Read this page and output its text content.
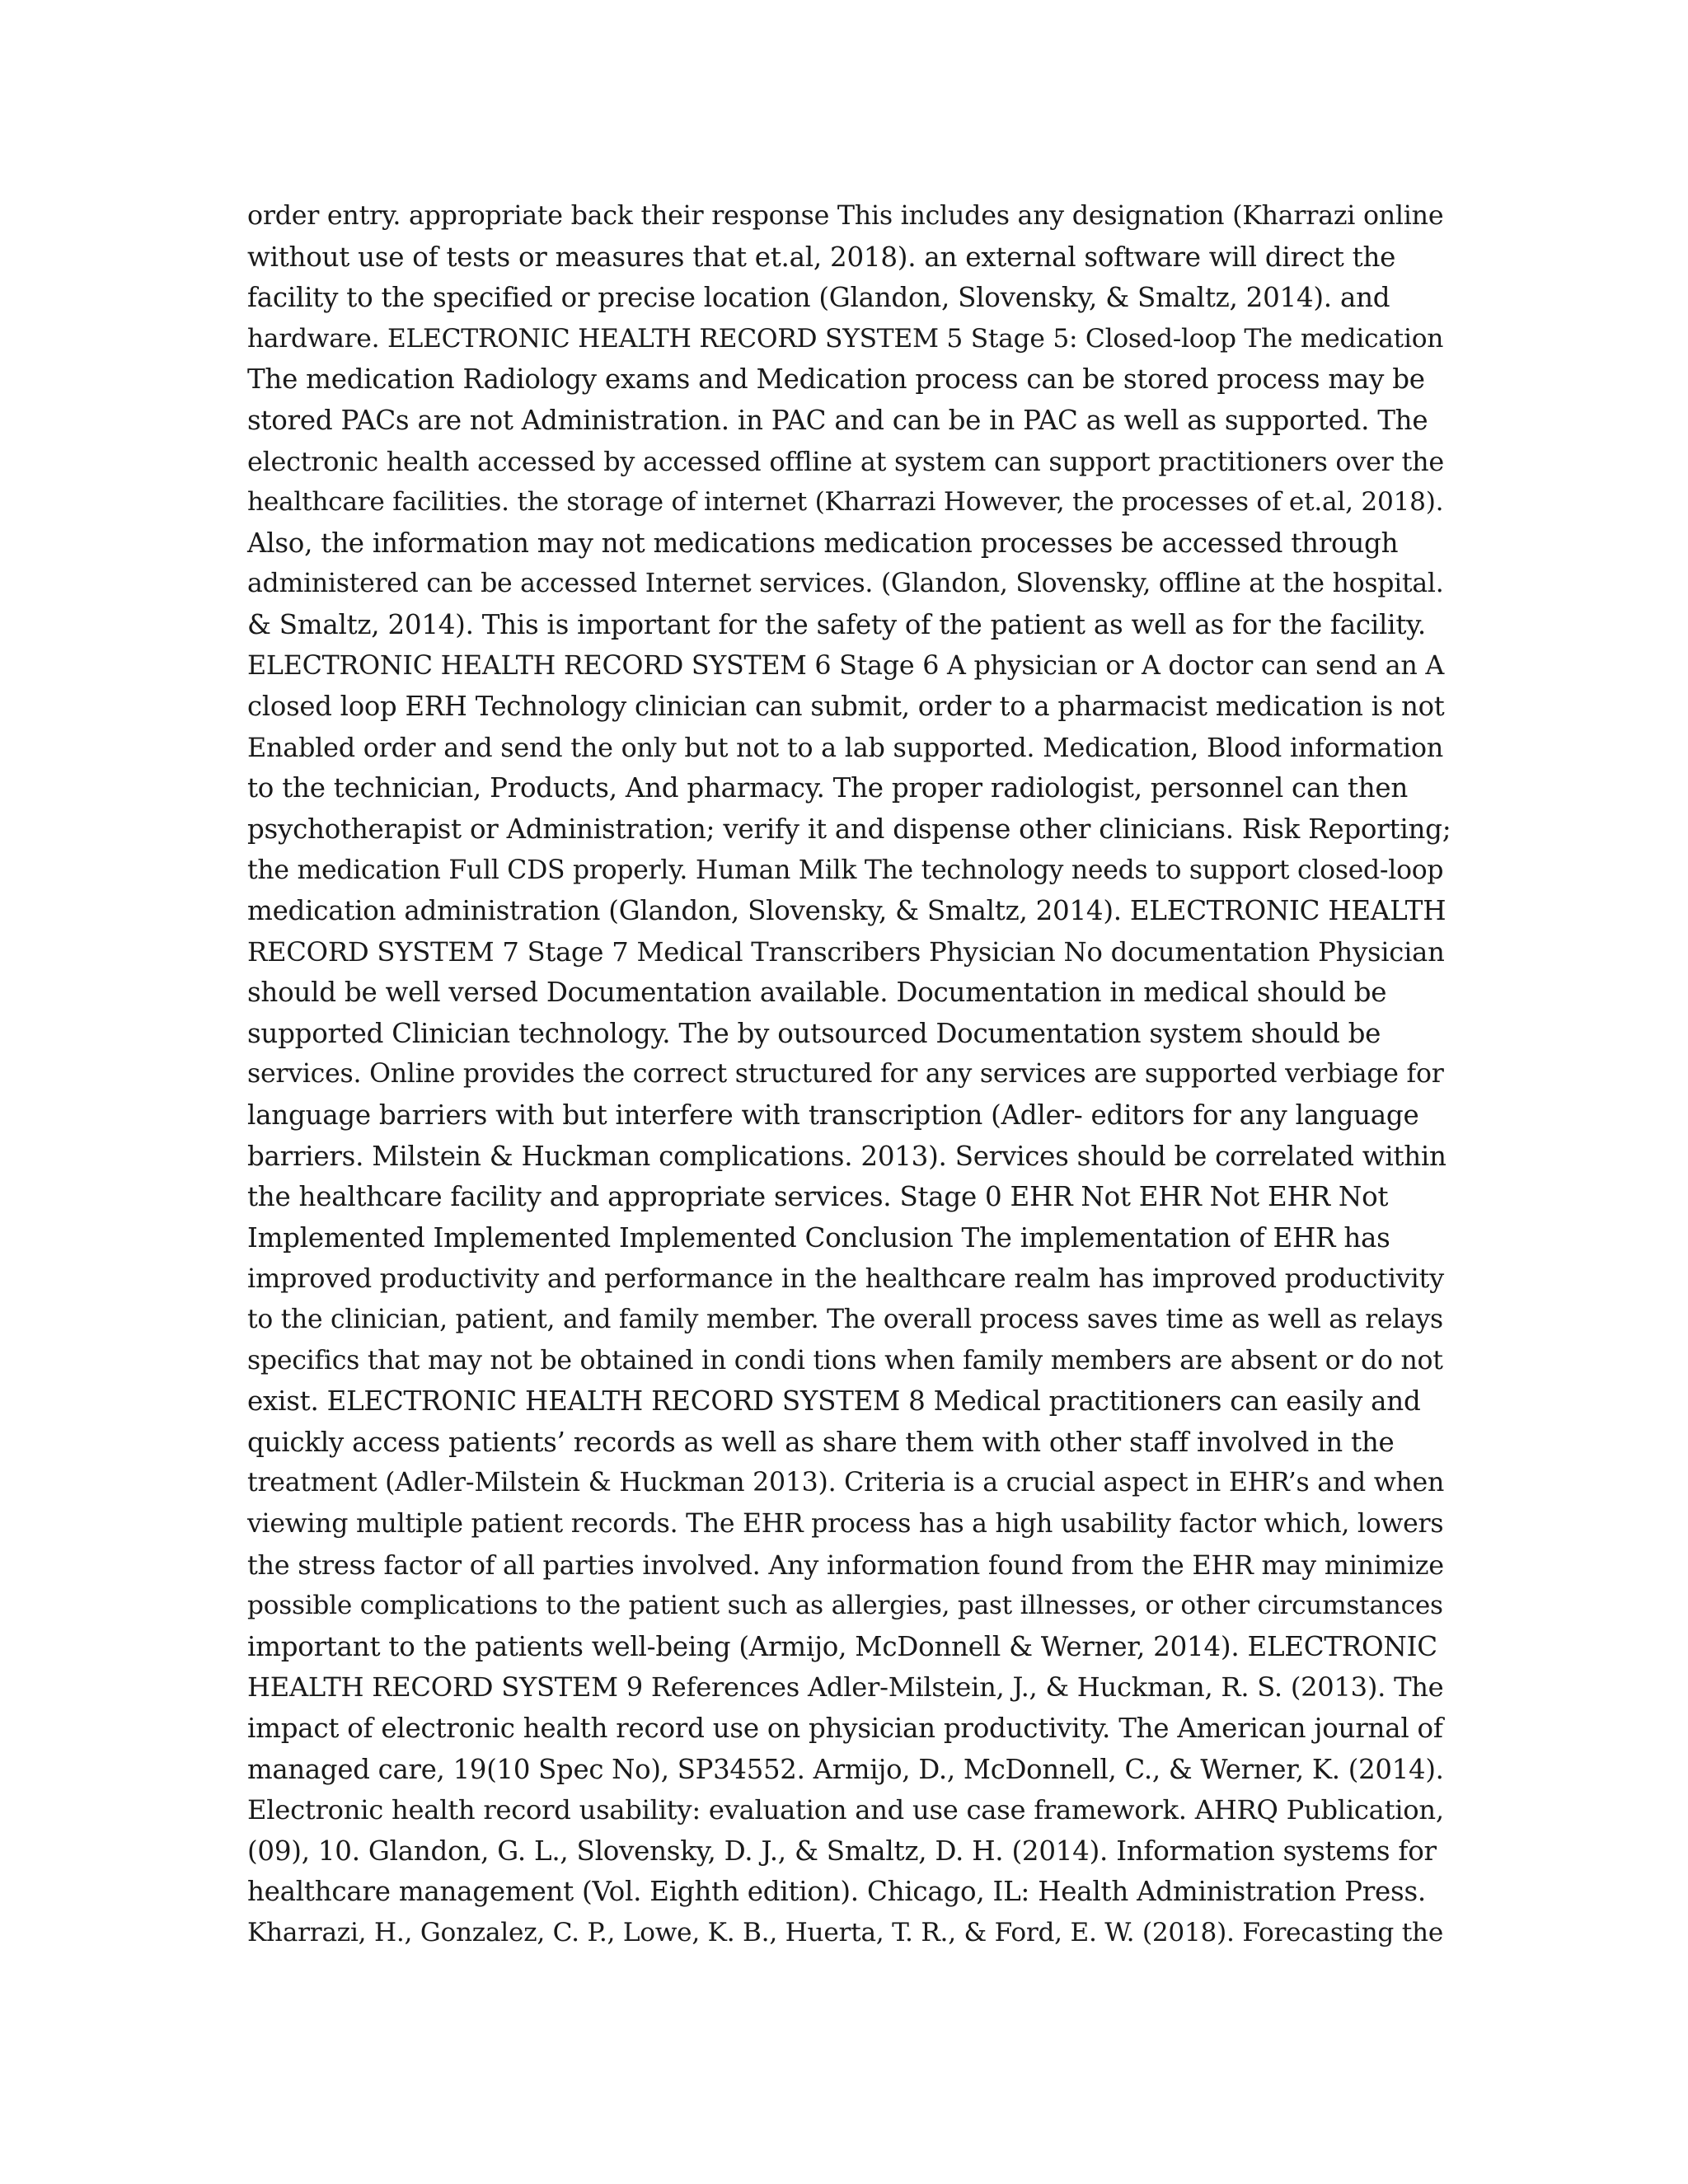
order entry. appropriate back their response This includes any designation (Kharrazi online
without use of tests or measures that et.al, 2018). an external software will direct the
facility to the specified or precise location (Glandon, Slovensky, & Smaltz, 2014). and
hardware. ELECTRONIC HEALTH RECORD SYSTEM 5 Stage 5: Closed-loop The medication
The medication Radiology exams and Medication process can be stored process may be
stored PACs are not Administration. in PAC and can be in PAC as well as supported. The
electronic health accessed by accessed offline at system can support practitioners over the
healthcare facilities. the storage of internet (Kharrazi However, the processes of et.al, 2018).
Also, the information may not medications medication processes be accessed through
administered can be accessed Internet services. (Glandon, Slovensky, offline at the hospital.
& Smaltz, 2014). This is important for the safety of the patient as well as for the facility.
ELECTRONIC HEALTH RECORD SYSTEM 6 Stage 6 A physician or A doctor can send an A
closed loop ERH Technology clinician can submit, order to a pharmacist medication is not
Enabled order and send the only but not to a lab supported. Medication, Blood information
to the technician, Products, And pharmacy. The proper radiologist, personnel can then
psychotherapist or Administration; verify it and dispense other clinicians. Risk Reporting;
the medication Full CDS properly. Human Milk The technology needs to support closed-loop
medication administration (Glandon, Slovensky, & Smaltz, 2014). ELECTRONIC HEALTH
RECORD SYSTEM 7 Stage 7 Medical Transcribers Physician No documentation Physician
should be well versed Documentation available. Documentation in medical should be
supported Clinician technology. The by outsourced Documentation system should be
services. Online provides the correct structured for any services are supported verbiage for
language barriers with but interfere with transcription (Adler- editors for any language
barriers. Milstein & Huckman complications. 2013). Services should be correlated within
the healthcare facility and appropriate services. Stage 0 EHR Not EHR Not EHR Not
Implemented Implemented Implemented Conclusion The implementation of EHR has
improved productivity and performance in the healthcare realm has improved productivity
to the clinician, patient, and family member. The overall process saves time as well as relays
specifics that may not be obtained in condi tions when family members are absent or do not
exist. ELECTRONIC HEALTH RECORD SYSTEM 8 Medical practitioners can easily and
quickly access patients’ records as well as share them with other staff involved in the
treatment (Adler-Milstein & Huckman 2013). Criteria is a crucial aspect in EHR’s and when
viewing multiple patient records. The EHR process has a high usability factor which, lowers
the stress factor of all parties involved. Any information found from the EHR may minimize
possible complications to the patient such as allergies, past illnesses, or other circumstances
important to the patients well-being (Armijo, McDonnell & Werner, 2014). ELECTRONIC
HEALTH RECORD SYSTEM 9 References Adler-Milstein, J., & Huckman, R. S. (2013). The
impact of electronic health record use on physician productivity. The American journal of
managed care, 19(10 Spec No), SP34552. Armijo, D., McDonnell, C., & Werner, K. (2014).
Electronic health record usability: evaluation and use case framework. AHRQ Publication,
(09), 10. Glandon, G. L., Slovensky, D. J., & Smaltz, D. H. (2014). Information systems for
healthcare management (Vol. Eighth edition). Chicago, IL: Health Administration Press.
Kharrazi, H., Gonzalez, C. P., Lowe, K. B., Huerta, T. R., & Ford, E. W. (2018). Forecasting the
